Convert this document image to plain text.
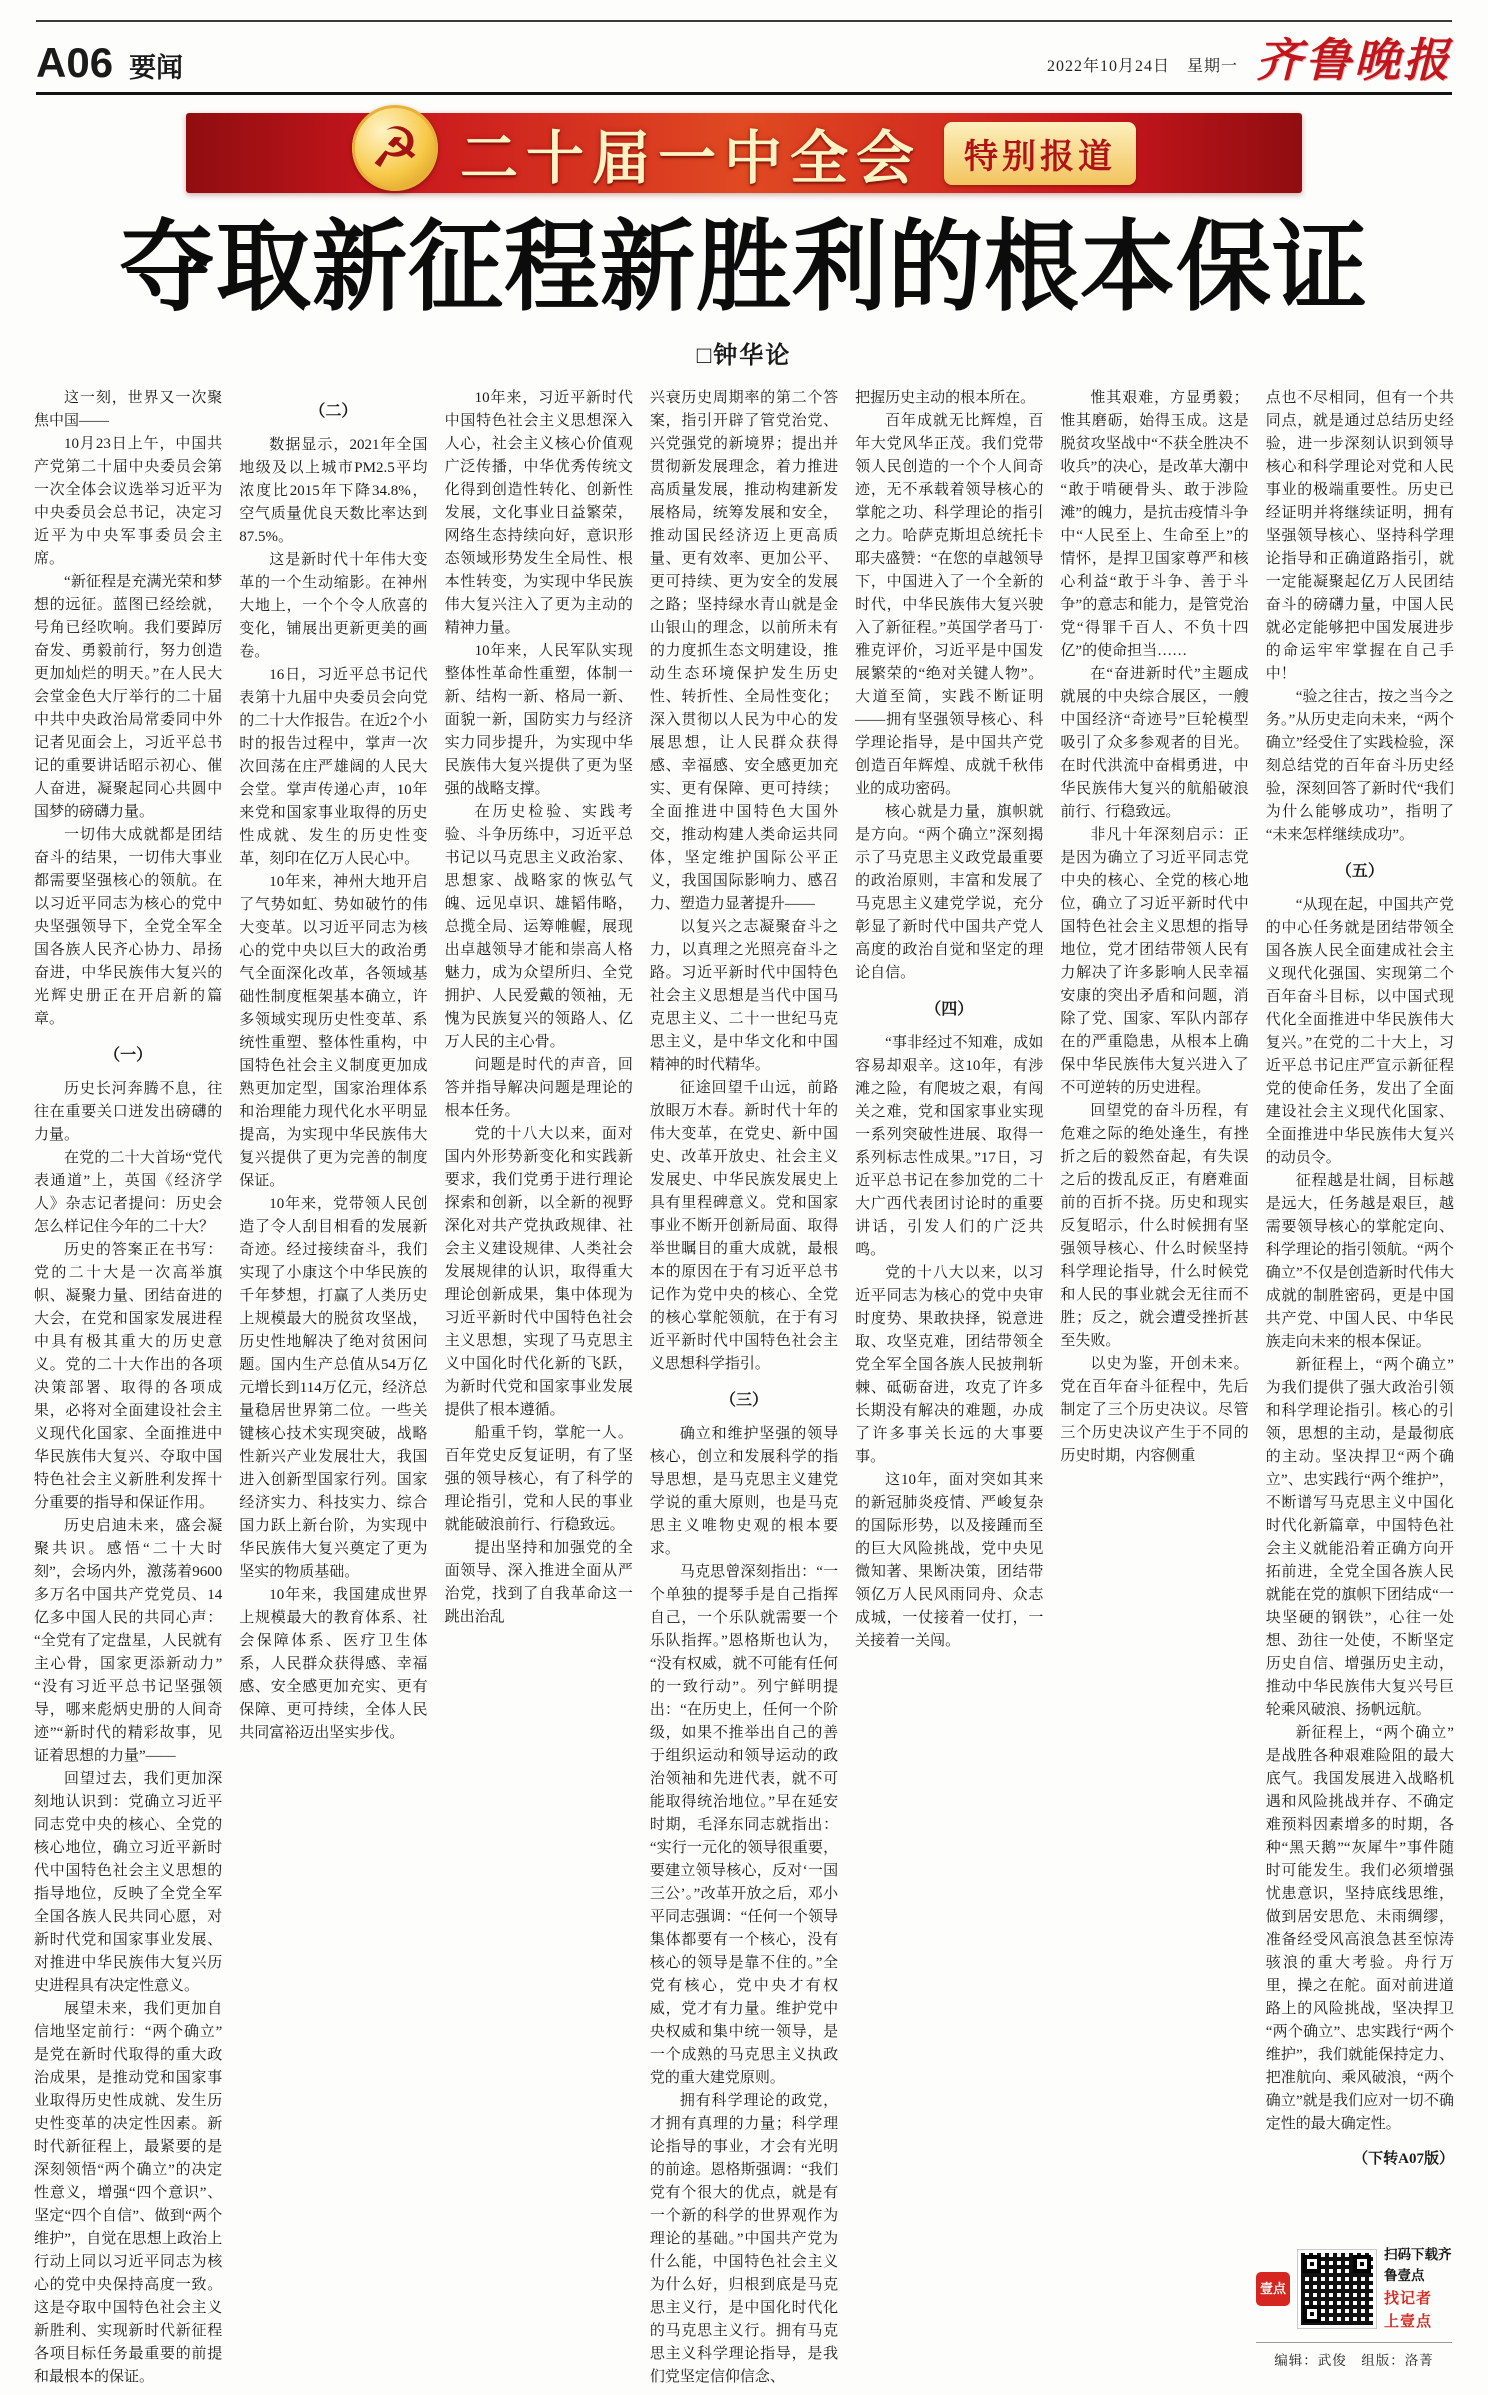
A06 要闻	2022年10月24日　星期一 齐鲁晚报
☭ 二十届一中全会	特别报道
夺取新征程新胜利的根本保证
□钟华论

这一刻，世界又一次聚焦中国——

10月23日上午，中国共产党第二十届中央委员会第一次全体会议选举习近平为中央委员会总书记，决定习近平为中央军事委员会主席。

“新征程是充满光荣和梦想的远征。蓝图已经绘就，号角已经吹响。我们要踔厉奋发、勇毅前行，努力创造更加灿烂的明天。”在人民大会堂金色大厅举行的二十届中共中央政治局常委同中外记者见面会上，习近平总书记的重要讲话昭示初心、催人奋进，凝聚起同心共圆中国梦的磅礴力量。

一切伟大成就都是团结奋斗的结果，一切伟大事业都需要坚强核心的领航。在以习近平同志为核心的党中央坚强领导下，全党全军全国各族人民齐心协力、昂扬奋进，中华民族伟大复兴的光辉史册正在开启新的篇章。

（一）

历史长河奔腾不息，往往在重要关口迸发出磅礴的力量。

在党的二十大首场“党代表通道”上，英国《经济学人》杂志记者提问：历史会怎么样记住今年的二十大？

历史的答案正在书写：党的二十大是一次高举旗帜、凝聚力量、团结奋进的大会，在党和国家发展进程中具有极其重大的历史意义。党的二十大作出的各项决策部署、取得的各项成果，必将对全面建设社会主义现代化国家、全面推进中华民族伟大复兴、夺取中国特色社会主义新胜利发挥十分重要的指导和保证作用。

历史启迪未来，盛会凝聚共识。感悟“二十大时刻”，会场内外，激荡着9600多万名中国共产党党员、14亿多中国人民的共同心声：“全党有了定盘星，人民就有主心骨，国家更添新动力”“没有习近平总书记坚强领导，哪来彪炳史册的人间奇迹”“新时代的精彩故事，见证着思想的力量”——

回望过去，我们更加深刻地认识到：党确立习近平同志党中央的核心、全党的核心地位，确立习近平新时代中国特色社会主义思想的指导地位，反映了全党全军全国各族人民共同心愿，对新时代党和国家事业发展、对推进中华民族伟大复兴历史进程具有决定性意义。

展望未来，我们更加自信地坚定前行：“两个确立”是党在新时代取得的重大政治成果，是推动党和国家事业取得历史性成就、发生历史性变革的决定性因素。新时代新征程上，最紧要的是深刻领悟“两个确立”的决定性意义，增强“四个意识”、坚定“四个自信”、做到“两个维护”，自觉在思想上政治上行动上同以习近平同志为核心的党中央保持高度一致。这是夺取中国特色社会主义新胜利、实现新时代新征程各项目标任务最重要的前提和最根本的保证。

（二）

数据显示，2021年全国地级及以上城市PM2.5平均浓度比2015年下降34.8%，空气质量优良天数比率达到87.5%。

这是新时代十年伟大变革的一个生动缩影。在神州大地上，一个个令人欣喜的变化，铺展出更新更美的画卷。

16日，习近平总书记代表第十九届中央委员会向党的二十大作报告。在近2个小时的报告过程中，掌声一次次回荡在庄严雄阔的人民大会堂。掌声传递心声，10年来党和国家事业取得的历史性成就、发生的历史性变革，刻印在亿万人民心中。

10年来，神州大地开启了气势如虹、势如破竹的伟大变革。以习近平同志为核心的党中央以巨大的政治勇气全面深化改革，各领域基础性制度框架基本确立，许多领域实现历史性变革、系统性重塑、整体性重构，中国特色社会主义制度更加成熟更加定型，国家治理体系和治理能力现代化水平明显提高，为实现中华民族伟大复兴提供了更为完善的制度保证。

10年来，党带领人民创造了令人刮目相看的发展新奇迹。经过接续奋斗，我们实现了小康这个中华民族的千年梦想，打赢了人类历史上规模最大的脱贫攻坚战，历史性地解决了绝对贫困问题。国内生产总值从54万亿元增长到114万亿元，经济总量稳居世界第二位。一些关键核心技术实现突破，战略性新兴产业发展壮大，我国进入创新型国家行列。国家经济实力、科技实力、综合国力跃上新台阶，为实现中华民族伟大复兴奠定了更为坚实的物质基础。

10年来，我国建成世界上规模最大的教育体系、社会保障体系、医疗卫生体系，人民群众获得感、幸福感、安全感更加充实、更有保障、更可持续，全体人民共同富裕迈出坚实步伐。

10年来，习近平新时代中国特色社会主义思想深入人心，社会主义核心价值观广泛传播，中华优秀传统文化得到创造性转化、创新性发展，文化事业日益繁荣，网络生态持续向好，意识形态领域形势发生全局性、根本性转变，为实现中华民族伟大复兴注入了更为主动的精神力量。

10年来，人民军队实现整体性革命性重塑，体制一新、结构一新、格局一新、面貌一新，国防实力与经济实力同步提升，为实现中华民族伟大复兴提供了更为坚强的战略支撑。

在历史检验、实践考验、斗争历练中，习近平总书记以马克思主义政治家、思想家、战略家的恢弘气魄、远见卓识、雄韬伟略，总揽全局、运筹帷幄，展现出卓越领导才能和崇高人格魅力，成为众望所归、全党拥护、人民爱戴的领袖，无愧为民族复兴的领路人、亿万人民的主心骨。

问题是时代的声音，回答并指导解决问题是理论的根本任务。

党的十八大以来，面对国内外形势新变化和实践新要求，我们党勇于进行理论探索和创新，以全新的视野深化对共产党执政规律、社会主义建设规律、人类社会发展规律的认识，取得重大理论创新成果，集中体现为习近平新时代中国特色社会主义思想，实现了马克思主义中国化时代化新的飞跃，为新时代党和国家事业发展提供了根本遵循。

船重千钧，掌舵一人。百年党史反复证明，有了坚强的领导核心，有了科学的理论指引，党和人民的事业就能破浪前行、行稳致远。

提出坚持和加强党的全面领导、深入推进全面从严治党，找到了自我革命这一跳出治乱

兴衰历史周期率的第二个答案，指引开辟了管党治党、兴党强党的新境界；提出并贯彻新发展理念，着力推进高质量发展，推动构建新发展格局，统筹发展和安全，推动国民经济迈上更高质量、更有效率、更加公平、更可持续、更为安全的发展之路；坚持绿水青山就是金山银山的理念，以前所未有的力度抓生态文明建设，推动生态环境保护发生历史性、转折性、全局性变化；深入贯彻以人民为中心的发展思想，让人民群众获得感、幸福感、安全感更加充实、更有保障、更可持续；全面推进中国特色大国外交，推动构建人类命运共同体，坚定维护国际公平正义，我国国际影响力、感召力、塑造力显著提升——

以复兴之志凝聚奋斗之力，以真理之光照亮奋斗之路。习近平新时代中国特色社会主义思想是当代中国马克思主义、二十一世纪马克思主义，是中华文化和中国精神的时代精华。

征途回望千山远，前路放眼万木春。新时代十年的伟大变革，在党史、新中国史、改革开放史、社会主义发展史、中华民族发展史上具有里程碑意义。党和国家事业不断开创新局面、取得举世瞩目的重大成就，最根本的原因在于有习近平总书记作为党中央的核心、全党的核心掌舵领航，在于有习近平新时代中国特色社会主义思想科学指引。

（三）

确立和维护坚强的领导核心，创立和发展科学的指导思想，是马克思主义建党学说的重大原则，也是马克思主义唯物史观的根本要求。

马克思曾深刻指出：“一个单独的提琴手是自己指挥自己，一个乐队就需要一个乐队指挥。”恩格斯也认为，“没有权威，就不可能有任何的一致行动”。列宁鲜明提出：“在历史上，任何一个阶级，如果不推举出自己的善于组织运动和领导运动的政治领袖和先进代表，就不可能取得统治地位。”早在延安时期，毛泽东同志就指出：“实行一元化的领导很重要，要建立领导核心，反对‘一国三公’。”改革开放之后，邓小平同志强调：“任何一个领导集体都要有一个核心，没有核心的领导是靠不住的。”全党有核心，党中央才有权威，党才有力量。维护党中央权威和集中统一领导，是一个成熟的马克思主义执政党的重大建党原则。

拥有科学理论的政党，才拥有真理的力量；科学理论指导的事业，才会有光明的前途。恩格斯强调：“我们党有个很大的优点，就是有一个新的科学的世界观作为理论的基础。”中国共产党为什么能，中国特色社会主义为什么好，归根到底是马克思主义行，是中国化时代化的马克思主义行。拥有马克思主义科学理论指导，是我们党坚定信仰信念、

把握历史主动的根本所在。

百年成就无比辉煌，百年大党风华正茂。我们党带领人民创造的一个个人间奇迹，无不承载着领导核心的掌舵之功、科学理论的指引之力。哈萨克斯坦总统托卡耶夫盛赞：“在您的卓越领导下，中国进入了一个全新的时代，中华民族伟大复兴驶入了新征程。”英国学者马丁·雅克评价，习近平是中国发展繁荣的“绝对关键人物”。大道至简，实践不断证明——拥有坚强领导核心、科学理论指导，是中国共产党创造百年辉煌、成就千秋伟业的成功密码。

核心就是力量，旗帜就是方向。“两个确立”深刻揭示了马克思主义政党最重要的政治原则，丰富和发展了马克思主义建党学说，充分彰显了新时代中国共产党人高度的政治自觉和坚定的理论自信。

（四）

“事非经过不知难，成如容易却艰辛。这10年，有涉滩之险，有爬坡之艰，有闯关之难，党和国家事业实现一系列突破性进展、取得一系列标志性成果。”17日，习近平总书记在参加党的二十大广西代表团讨论时的重要讲话，引发人们的广泛共鸣。

党的十八大以来，以习近平同志为核心的党中央审时度势、果敢抉择，锐意进取、攻坚克难，团结带领全党全军全国各族人民披荆斩棘、砥砺奋进，攻克了许多长期没有解决的难题，办成了许多事关长远的大事要事。

这10年，面对突如其来的新冠肺炎疫情、严峻复杂的国际形势，以及接踵而至的巨大风险挑战，党中央见微知著、果断决策，团结带领亿万人民风雨同舟、众志成城，一仗接着一仗打，一关接着一关闯。

惟其艰难，方显勇毅；惟其磨砺，始得玉成。这是脱贫攻坚战中“不获全胜决不收兵”的决心，是改革大潮中“敢于啃硬骨头、敢于涉险滩”的魄力，是抗击疫情斗争中“人民至上、生命至上”的情怀，是捍卫国家尊严和核心利益“敢于斗争、善于斗争”的意志和能力，是管党治党“得罪千百人、不负十四亿”的使命担当……

在“奋进新时代”主题成就展的中央综合展区，一艘中国经济“奇迹号”巨轮模型吸引了众多参观者的目光。在时代洪流中奋楫勇进，中华民族伟大复兴的航船破浪前行、行稳致远。

非凡十年深刻启示：正是因为确立了习近平同志党中央的核心、全党的核心地位，确立了习近平新时代中国特色社会主义思想的指导地位，党才团结带领人民有力解决了许多影响人民幸福安康的突出矛盾和问题，消除了党、国家、军队内部存在的严重隐患，从根本上确保中华民族伟大复兴进入了不可逆转的历史进程。

回望党的奋斗历程，有危难之际的绝处逢生，有挫折之后的毅然奋起，有失误之后的拨乱反正，有磨难面前的百折不挠。历史和现实反复昭示，什么时候拥有坚强领导核心、什么时候坚持科学理论指导，什么时候党和人民的事业就会无往而不胜；反之，就会遭受挫折甚至失败。

以史为鉴，开创未来。党在百年奋斗征程中，先后制定了三个历史决议。尽管三个历史决议产生于不同的历史时期，内容侧重

点也不尽相同，但有一个共同点，就是通过总结历史经验，进一步深刻认识到领导核心和科学理论对党和人民事业的极端重要性。历史已经证明并将继续证明，拥有坚强领导核心、坚持科学理论指导和正确道路指引，就一定能凝聚起亿万人民团结奋斗的磅礴力量，中国人民就必定能够把中国发展进步的命运牢牢掌握在自己手中！

“验之往古，按之当今之务。”从历史走向未来，“两个确立”经受住了实践检验，深刻总结党的百年奋斗历史经验，深刻回答了新时代“我们为什么能够成功”，指明了“未来怎样继续成功”。

（五）

“从现在起，中国共产党的中心任务就是团结带领全国各族人民全面建成社会主义现代化强国、实现第二个百年奋斗目标，以中国式现代化全面推进中华民族伟大复兴。”在党的二十大上，习近平总书记庄严宣示新征程党的使命任务，发出了全面建设社会主义现代化国家、全面推进中华民族伟大复兴的动员令。

征程越是壮阔，目标越是远大，任务越是艰巨，越需要领导核心的掌舵定向、科学理论的指引领航。“两个确立”不仅是创造新时代伟大成就的制胜密码，更是中国共产党、中国人民、中华民族走向未来的根本保证。

新征程上，“两个确立”为我们提供了强大政治引领和科学理论指引。核心的引领，思想的主动，是最彻底的主动。坚决捍卫“两个确立”、忠实践行“两个维护”，不断谱写马克思主义中国化时代化新篇章，中国特色社会主义就能沿着正确方向开拓前进，全党全国各族人民就能在党的旗帜下团结成“一块坚硬的钢铁”，心往一处想、劲往一处使，不断坚定历史自信、增强历史主动，推动中华民族伟大复兴号巨轮乘风破浪、扬帆远航。

新征程上，“两个确立”是战胜各种艰难险阻的最大底气。我国发展进入战略机遇和风险挑战并存、不确定难预料因素增多的时期，各种“黑天鹅”“灰犀牛”事件随时可能发生。我们必须增强忧患意识，坚持底线思维，做到居安思危、未雨绸缪，准备经受风高浪急甚至惊涛骇浪的重大考验。舟行万里，操之在舵。面对前进道路上的风险挑战，坚决捍卫“两个确立”、忠实践行“两个维护”，我们就能保持定力、把准航向、乘风破浪，“两个确立”就是我们应对一切不确定性的最大确定性。

（下转A07版）
壹点
扫码下载齐鲁壹点
找记者 上壹点
编辑：武俊　组版：洛菁
